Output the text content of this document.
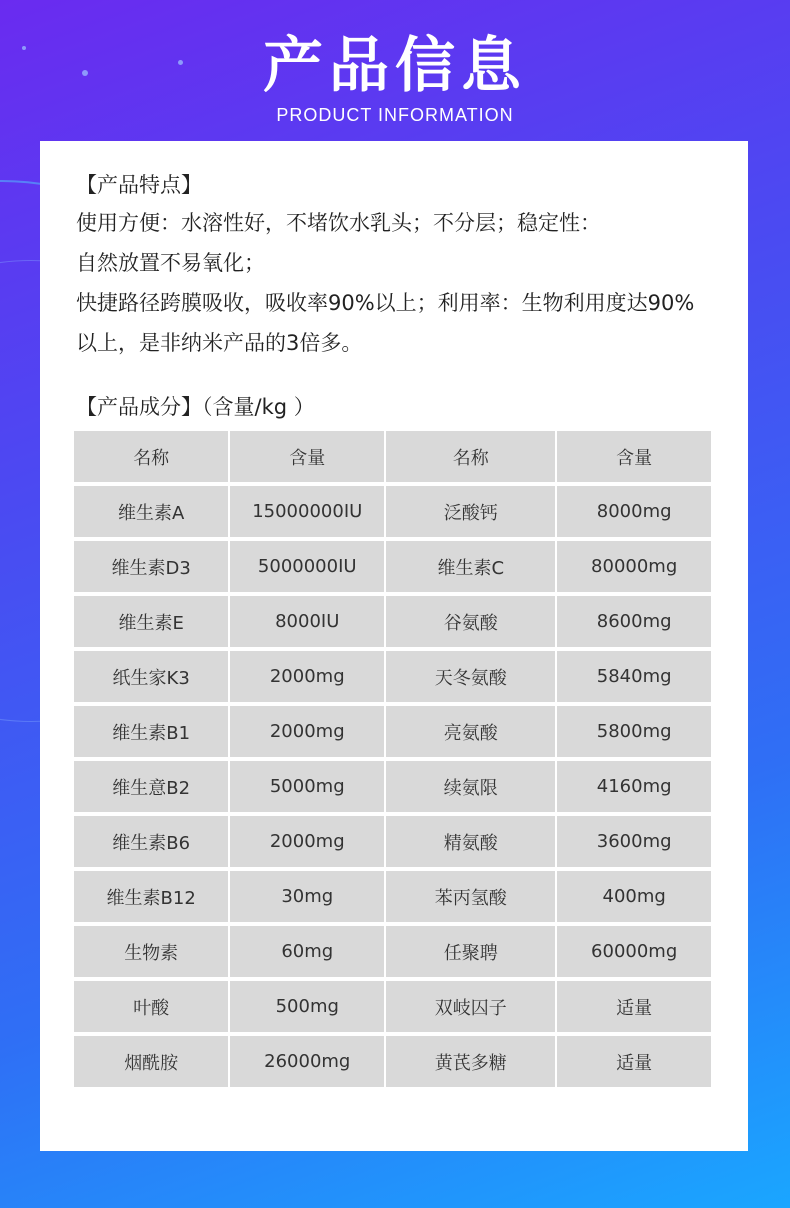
产品信息
PRODUCT INFORMATION
【产品特点】

使用方便：水溶性好，不堵饮水乳头；不分层；稳定性：

自然放置不易氧化；

快捷路径跨膜吸收，吸收率90%以上；利用率：生物利用度达90%

以上，是非纳米产品的3倍多。

【产品成分】（含量/kg ）
名称	含量	名称	含量
维生素A	15000000IU	泛酸钙	8000mg
维生素D3	5000000IU	维生素C	80000mg
维生素E	8000IU	谷氨酸	8600mg
纸生家K3	2000mg	天冬氨酸	5840mg
维生素B1	2000mg	亮氨酸	5800mg
维生意B2	5000mg	续氨限	4160mg
维生素B6	2000mg	精氨酸	3600mg
维生素B12	30mg	苯丙氢酸	400mg
生物素	60mg	任聚聘	60000mg
叶酸	500mg	双岐囚子	适量
烟酰胺	26000mg	黄芪多糖	适量
